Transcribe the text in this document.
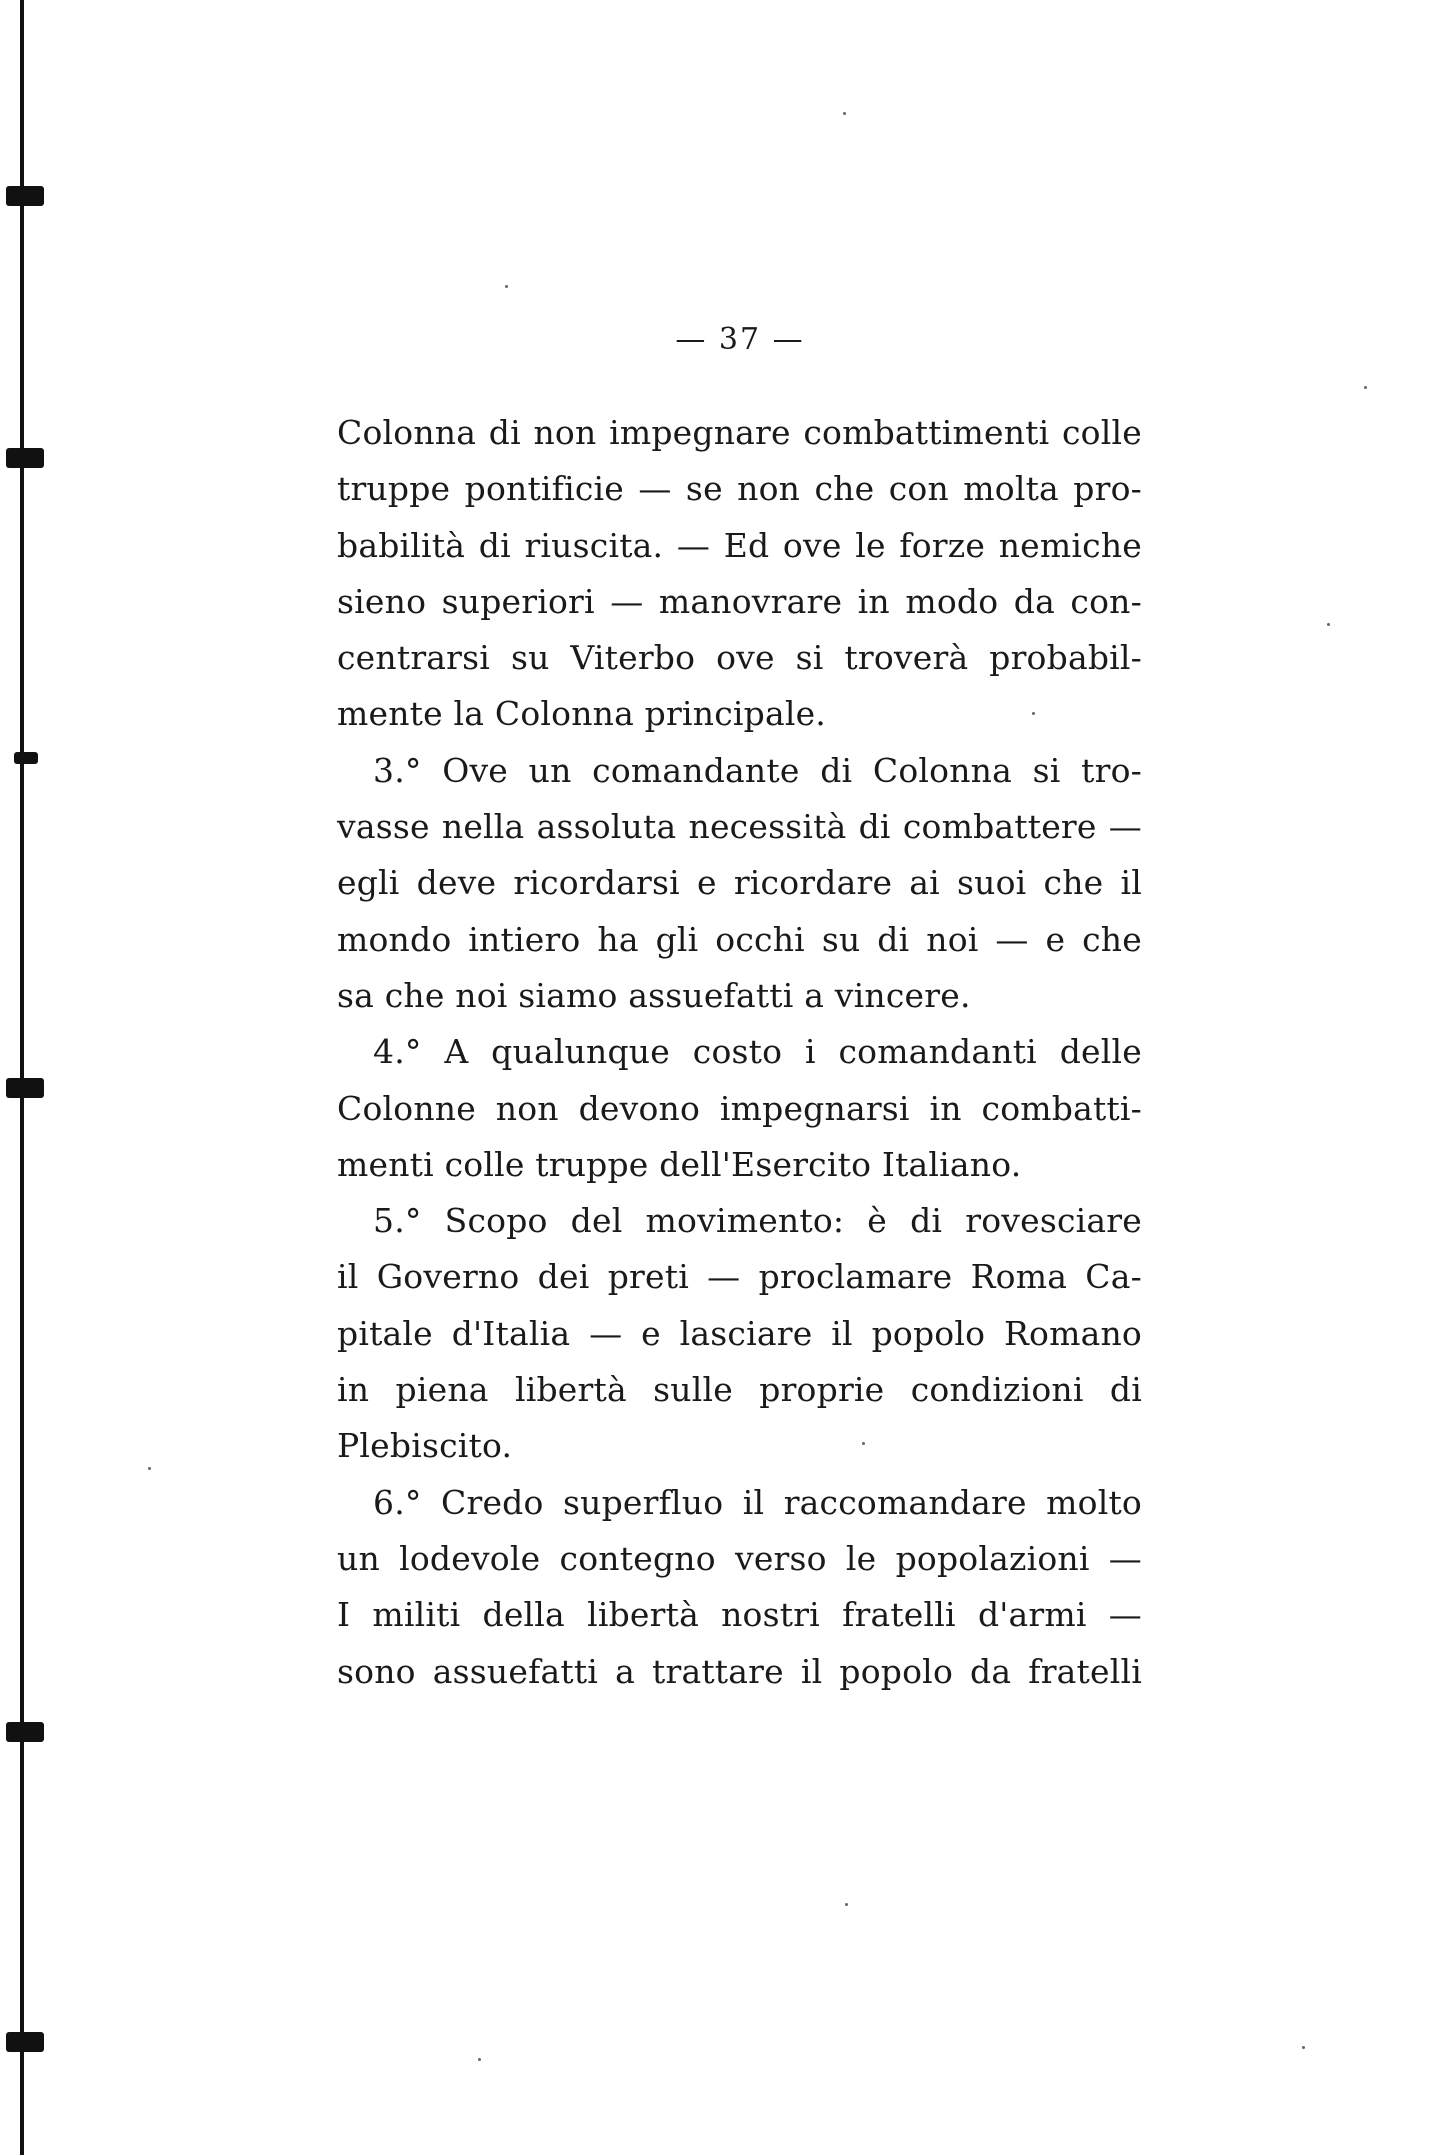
— 37 —
Colonna di non impegnare combattimenti colle
truppe pontificie — se non che con molta pro-
babilità di riuscita. — Ed ove le forze nemiche
sieno superiori — manovrare in modo da con-
centrarsi su Viterbo ove si troverà probabil-
mente la Colonna principale.
3.° Ove un comandante di Colonna si tro-
vasse nella assoluta necessità di combattere —
egli deve ricordarsi e ricordare ai suoi che il
mondo intiero ha gli occhi su di noi — e che
sa che noi siamo assuefatti a vincere.
4.° A qualunque costo i comandanti delle
Colonne non devono impegnarsi in combatti-
menti colle truppe dell'Esercito Italiano.
5.° Scopo del movimento: è di rovesciare
il Governo dei preti — proclamare Roma Ca-
pitale d'Italia — e lasciare il popolo Romano
in piena libertà sulle proprie condizioni di
Plebiscito.
6.° Credo superfluo il raccomandare molto
un lodevole contegno verso le popolazioni —
I militi della libertà nostri fratelli d'armi —
sono assuefatti a trattare il popolo da fratelli
